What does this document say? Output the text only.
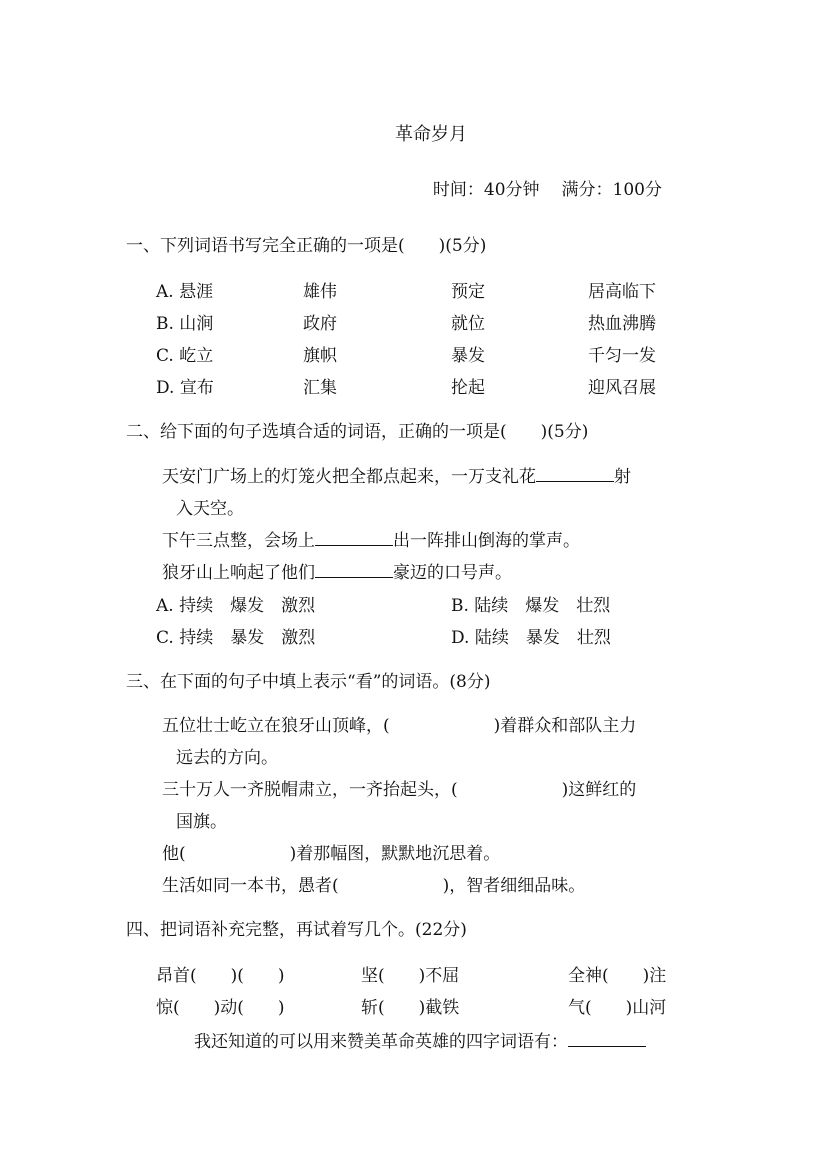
革命岁月
时间：40分钟 满分：100分
一、下列词语书写完全正确的一项是(　　)(5分)
A. 悬涯	雄伟	预定	居高临下
B. 山涧	政府	就位	热血沸腾
C. 屹立	旗帜	暴发	千匀一发
D. 宣布	汇集	抡起	迎风召展
二、给下面的句子选填合适的词语，正确的一项是(　　)(5分)
天安门广场上的灯笼火把全都点起来，一万支礼花	射
入天空。
下午三点整，会场上	出一阵排山倒海的掌声。
狼牙山上响起了他们	豪迈的口号声。
A. 持续　爆发　激烈	B. 陆续　爆发　壮烈
C. 持续　暴发　激烈	D. 陆续　暴发　壮烈
三、在下面的句子中填上表示“看”的词语。(8分)
五位壮士屹立在狼牙山顶峰，(	)着群众和部队主力
远去的方向。
三十万人一齐脱帽肃立，一齐抬起头，(	)这鲜红的
国旗。
他(	)着那幅图，默默地沉思着。
生活如同一本书，愚者(	)，智者细细品味。
四、把词语补充完整，再试着写几个。(22分)
昂首(　　)(　　)	坚(　　)不屈	全神(　　)注
惊(　　)动(　　)	斩(　　)截铁	气(　　)山河
我还知道的可以用来赞美革命英雄的四字词语有：
